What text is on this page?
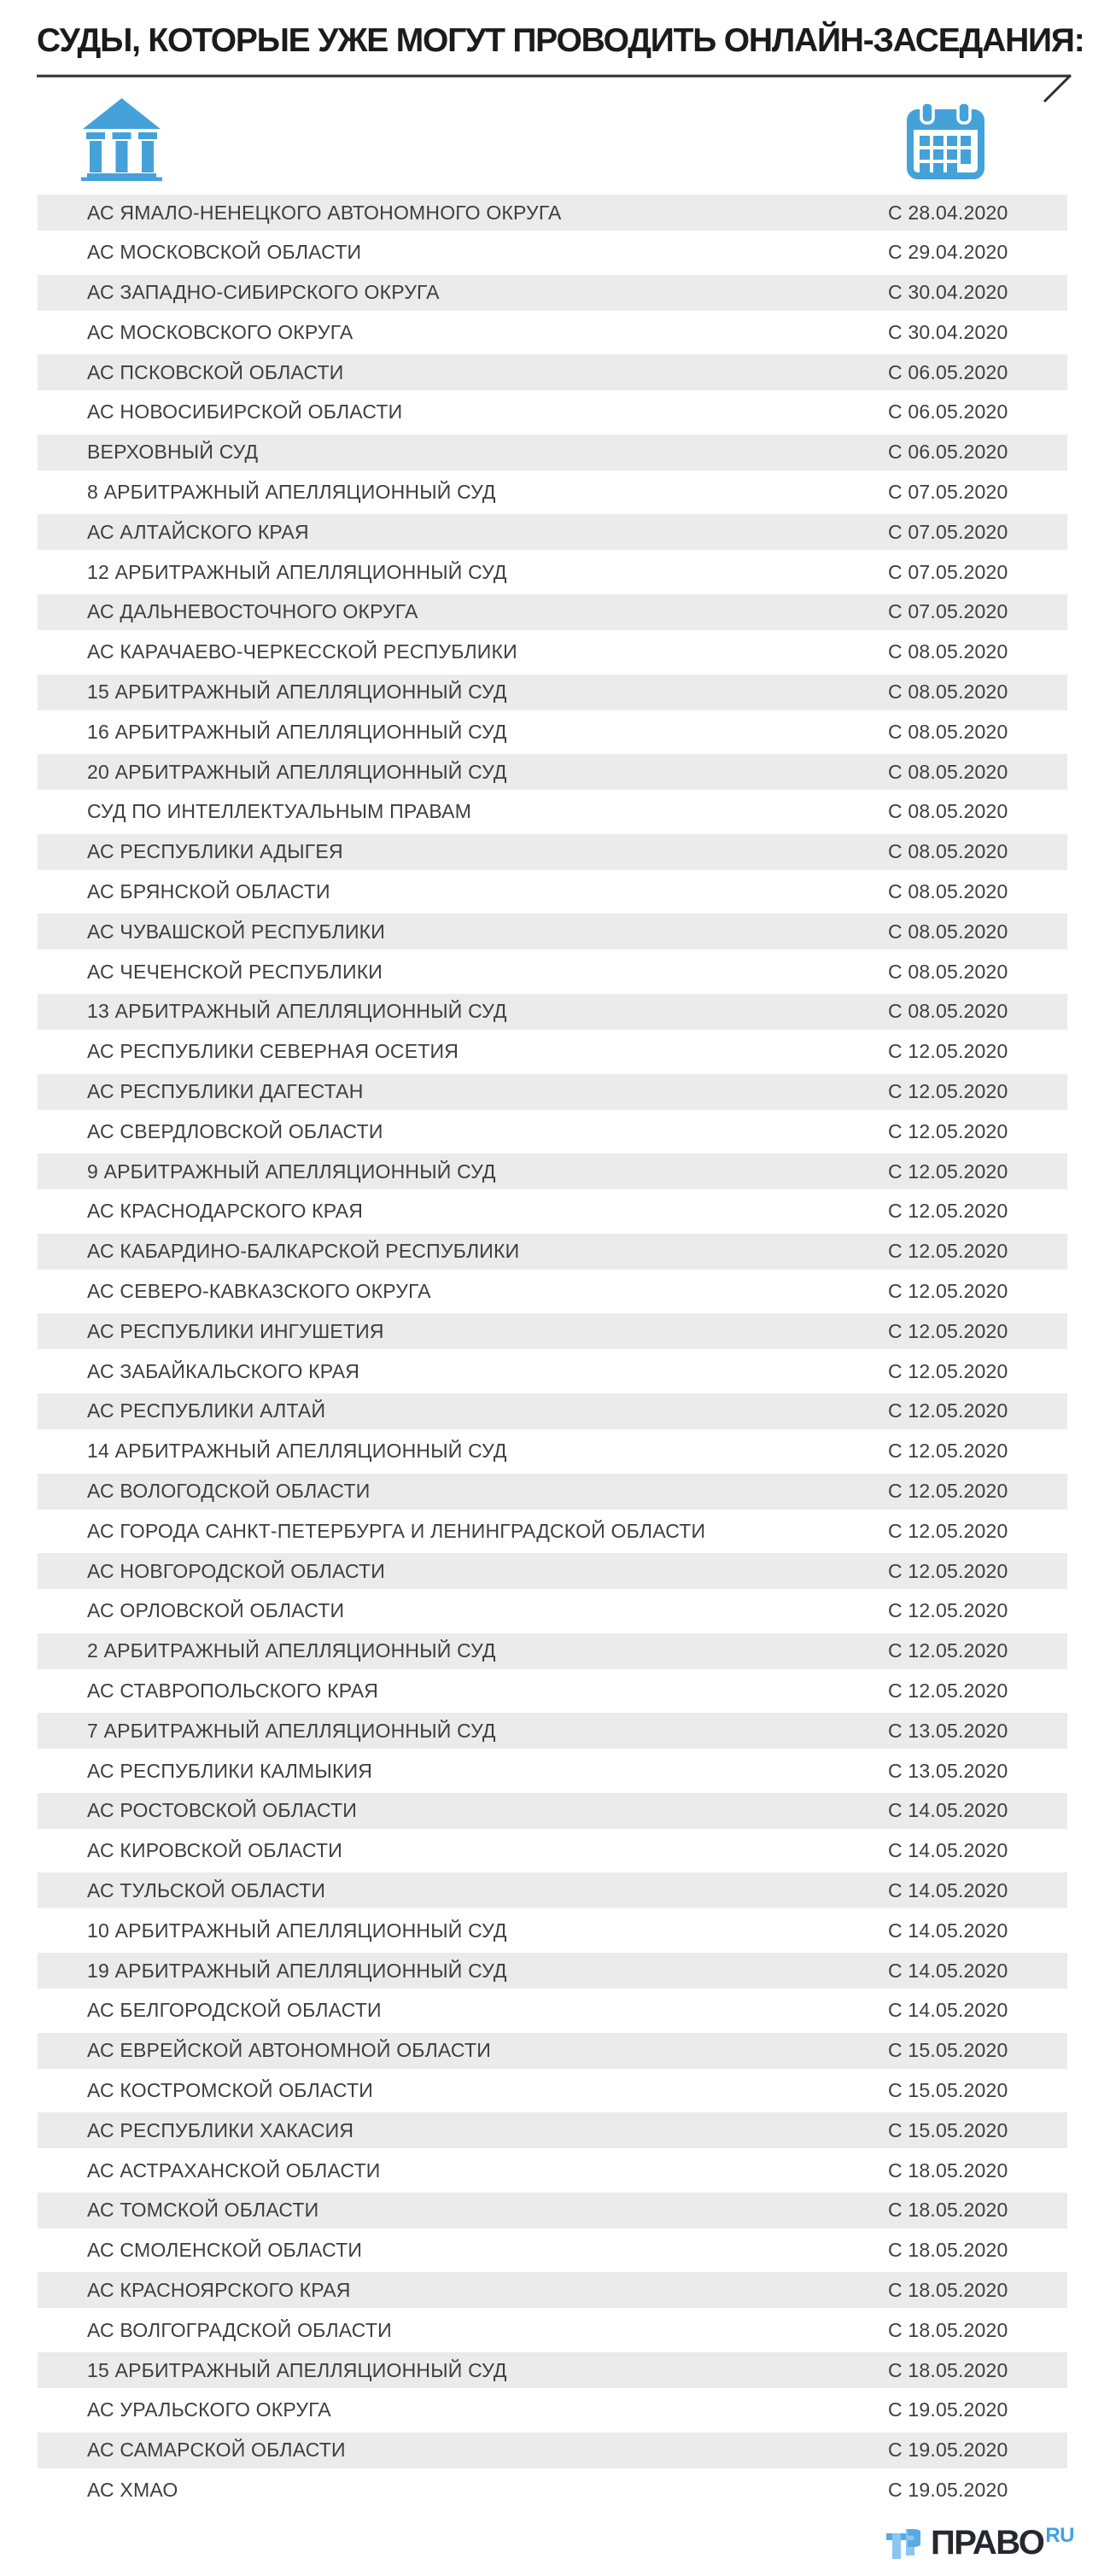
СУДЫ, КОТОРЫЕ УЖЕ МОГУТ ПРОВОДИТЬ ОНЛАЙН-ЗАСЕДАНИЯ:
АС ЯМАЛО-НЕНЕЦКОГО АВТОНОМНОГО ОКРУГА	С 28.04.2020
АС МОСКОВСКОЙ ОБЛАСТИ	С 29.04.2020
АС ЗАПАДНО-СИБИРСКОГО ОКРУГА	С 30.04.2020
АС МОСКОВСКОГО ОКРУГА	С 30.04.2020
АС ПСКОВСКОЙ ОБЛАСТИ	С 06.05.2020
АС НОВОСИБИРСКОЙ ОБЛАСТИ	С 06.05.2020
ВЕРХОВНЫЙ СУД	С 06.05.2020
8 АРБИТРАЖНЫЙ АПЕЛЛЯЦИОННЫЙ СУД	С 07.05.2020
АС АЛТАЙСКОГО КРАЯ	С 07.05.2020
12 АРБИТРАЖНЫЙ АПЕЛЛЯЦИОННЫЙ СУД	С 07.05.2020
АС ДАЛЬНЕВОСТОЧНОГО ОКРУГА	С 07.05.2020
АС КАРАЧАЕВО-ЧЕРКЕССКОЙ РЕСПУБЛИКИ	С 08.05.2020
15 АРБИТРАЖНЫЙ АПЕЛЛЯЦИОННЫЙ СУД	С 08.05.2020
16 АРБИТРАЖНЫЙ АПЕЛЛЯЦИОННЫЙ СУД	С 08.05.2020
20 АРБИТРАЖНЫЙ АПЕЛЛЯЦИОННЫЙ СУД	С 08.05.2020
СУД ПО ИНТЕЛЛЕКТУАЛЬНЫМ ПРАВАМ	С 08.05.2020
АС РЕСПУБЛИКИ АДЫГЕЯ	С 08.05.2020
АС БРЯНСКОЙ ОБЛАСТИ	С 08.05.2020
АС ЧУВАШСКОЙ РЕСПУБЛИКИ	С 08.05.2020
АС ЧЕЧЕНСКОЙ РЕСПУБЛИКИ	С 08.05.2020
13 АРБИТРАЖНЫЙ АПЕЛЛЯЦИОННЫЙ СУД	С 08.05.2020
АС РЕСПУБЛИКИ СЕВЕРНАЯ ОСЕТИЯ	С 12.05.2020
АС РЕСПУБЛИКИ ДАГЕСТАН	С 12.05.2020
АС СВЕРДЛОВСКОЙ ОБЛАСТИ	С 12.05.2020
9 АРБИТРАЖНЫЙ АПЕЛЛЯЦИОННЫЙ СУД	С 12.05.2020
АС КРАСНОДАРСКОГО КРАЯ	С 12.05.2020
АС КАБАРДИНО-БАЛКАРСКОЙ РЕСПУБЛИКИ	С 12.05.2020
АС СЕВЕРО-КАВКАЗСКОГО ОКРУГА	С 12.05.2020
АС РЕСПУБЛИКИ ИНГУШЕТИЯ	С 12.05.2020
АС ЗАБАЙКАЛЬСКОГО КРАЯ	С 12.05.2020
АС РЕСПУБЛИКИ АЛТАЙ	С 12.05.2020
14 АРБИТРАЖНЫЙ АПЕЛЛЯЦИОННЫЙ СУД	С 12.05.2020
АС ВОЛОГОДСКОЙ ОБЛАСТИ	С 12.05.2020
АС ГОРОДА САНКТ-ПЕТЕРБУРГА И ЛЕНИНГРАДСКОЙ ОБЛАСТИ	С 12.05.2020
АС НОВГОРОДСКОЙ ОБЛАСТИ	С 12.05.2020
АС ОРЛОВСКОЙ ОБЛАСТИ	С 12.05.2020
2 АРБИТРАЖНЫЙ АПЕЛЛЯЦИОННЫЙ СУД	С 12.05.2020
АС СТАВРОПОЛЬСКОГО КРАЯ	С 12.05.2020
7 АРБИТРАЖНЫЙ АПЕЛЛЯЦИОННЫЙ СУД	С 13.05.2020
АС РЕСПУБЛИКИ КАЛМЫКИЯ	С 13.05.2020
АС РОСТОВСКОЙ ОБЛАСТИ	С 14.05.2020
АС КИРОВСКОЙ ОБЛАСТИ	С 14.05.2020
АС ТУЛЬСКОЙ ОБЛАСТИ	С 14.05.2020
10 АРБИТРАЖНЫЙ АПЕЛЛЯЦИОННЫЙ СУД	С 14.05.2020
19 АРБИТРАЖНЫЙ АПЕЛЛЯЦИОННЫЙ СУД	С 14.05.2020
АС БЕЛГОРОДСКОЙ ОБЛАСТИ	С 14.05.2020
АС ЕВРЕЙСКОЙ АВТОНОМНОЙ ОБЛАСТИ	С 15.05.2020
АС КОСТРОМСКОЙ ОБЛАСТИ	С 15.05.2020
АС РЕСПУБЛИКИ ХАКАСИЯ	С 15.05.2020
АС АСТРАХАНСКОЙ ОБЛАСТИ	С 18.05.2020
АС ТОМСКОЙ ОБЛАСТИ	С 18.05.2020
АС СМОЛЕНСКОЙ ОБЛАСТИ	С 18.05.2020
АС КРАСНОЯРСКОГО КРАЯ	С 18.05.2020
АС ВОЛГОГРАДСКОЙ ОБЛАСТИ	С 18.05.2020
15 АРБИТРАЖНЫЙ АПЕЛЛЯЦИОННЫЙ СУД	С 18.05.2020
АС УРАЛЬСКОГО ОКРУГА	С 19.05.2020
АС САМАРСКОЙ ОБЛАСТИ	С 19.05.2020
АС ХМАО	С 19.05.2020
ПРАВО RU
